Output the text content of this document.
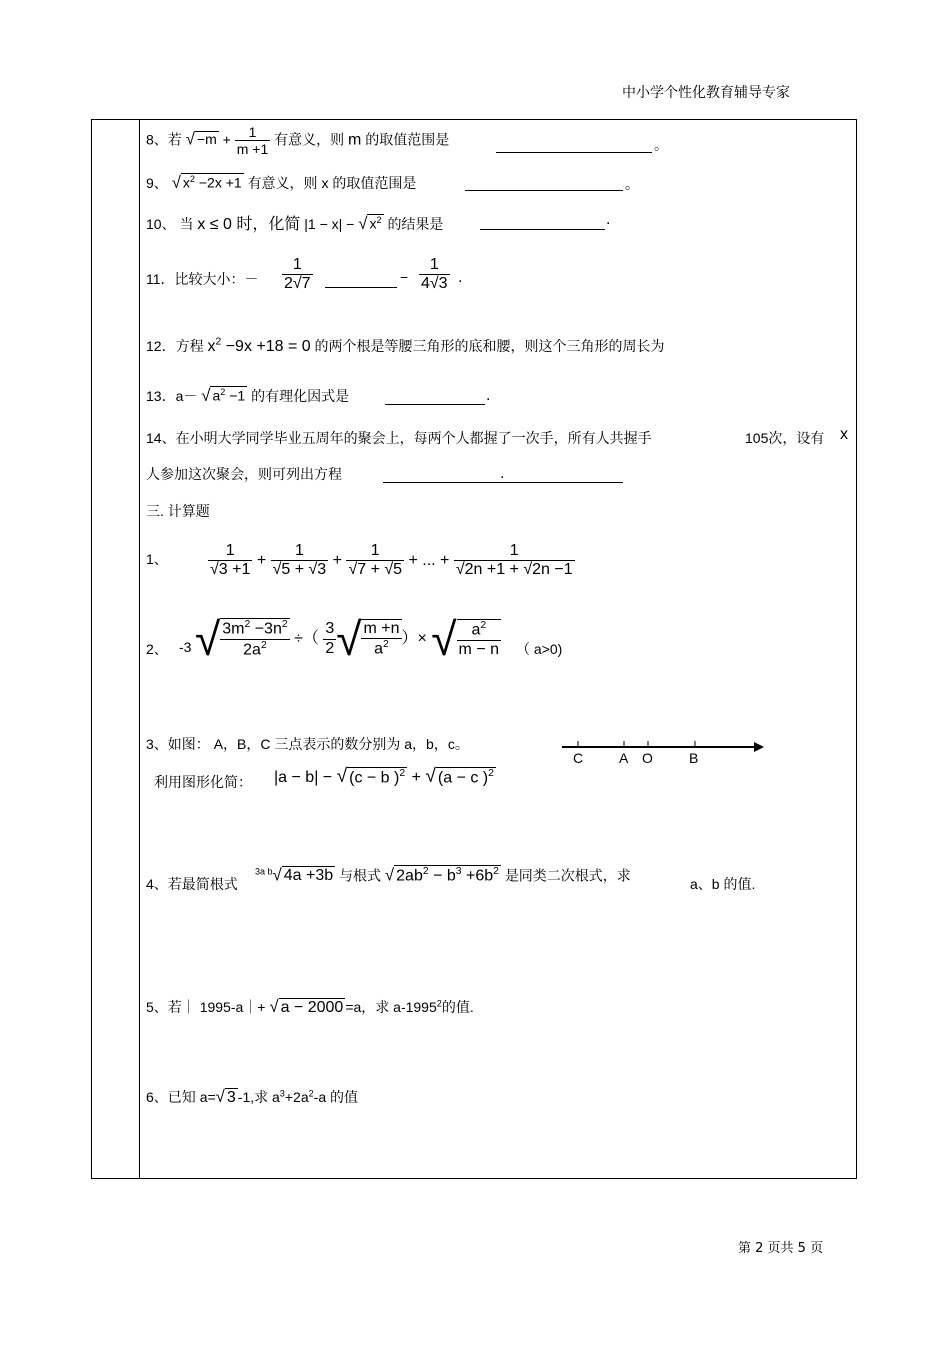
中小学个性化教育辅导专家
8、若 √ $-m + \frac{1}{m +1}$ 有意义，则 m 的取值范围是	。
9、 √ $x^2 -2x +1$ 有意义，则 x 的取值范围是	。
10、 当 x ≤ 0 时，化简 |1 − x| − √ $x^2$ 的结果是	.
11．比较大小：－ $\frac{1}{2√7}$	− $\frac{1}{4√3}$ .
12．方程 $x^2 -9x +18 = 0$ 的两个根是等腰三角形的底和腰，则这个三角形的周长为
13．a－ √ $a^2 -1$ 的有理化因式是	.
14、在小明大学同学毕业五周年的聚会上，每两个人都握了一次手，所有人共握手	105次，设有 x
人参加这次聚会，则可列出方程	.
三. 计算题
1、	$\frac{1}{√3 +1} + \frac{1}{√5 + √3} + \frac{1}{√7 + √5}$ + ... + $\frac{1}{√2n +1 + √2n -1}$
2、 -3 √ $\frac{3m^2 -3n^2}{2a^2}$ ÷（ $\frac{3}{2}$ √ $\frac{m +n}{a^2}$ ）× √ $\frac{a^2}{m - n}$ （ a>0)
3、如图： A，B，C 三点表示的数分别为 a，b，c。
利用图形化简： |a − b| − √ (c − b )$^2$ + √ (a − c )$^2$
C	A O	B
4、若最简根式
$^{3a b}$√ 4a +3b 与根式 √ $2ab^2 - b^3 +6b^2$ 是同类二次根式，求
a、b 的值.
5、若｜ 1995-a｜+ √ a − 2000 =a，求 a-1995$^2$的值.
6、已知 a=√ 3 -1,求 $a^3+2a^2-a$ 的值
第 2 页共 5 页
